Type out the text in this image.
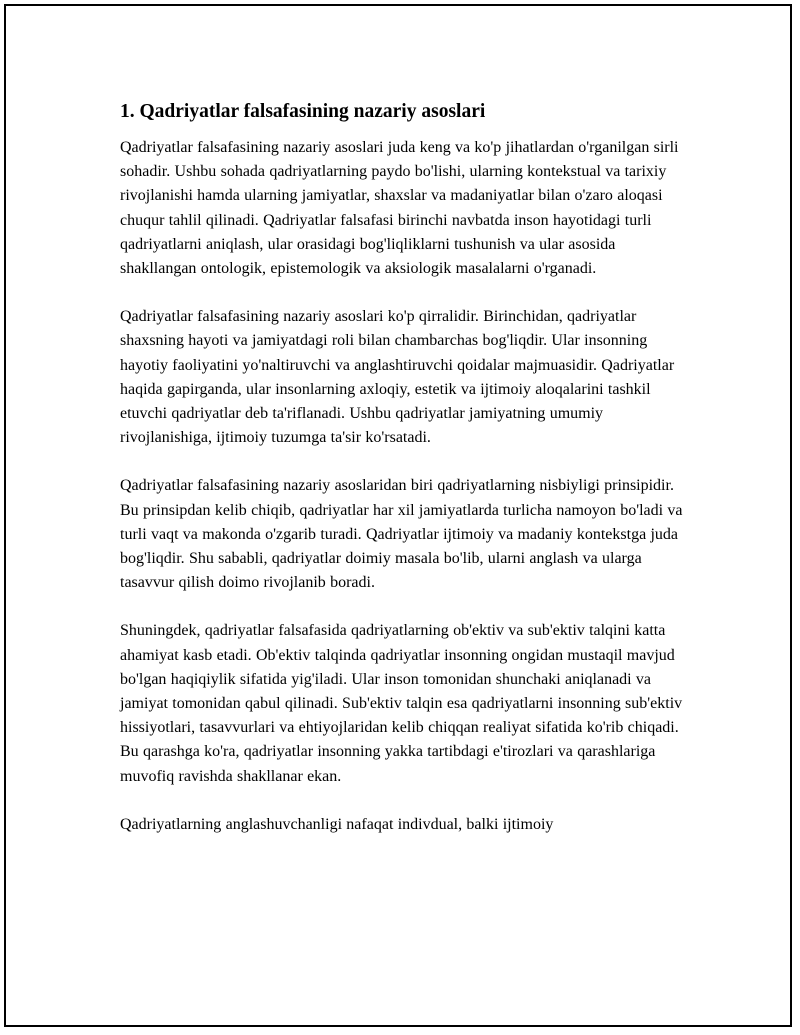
1. Qadriyatlar falsafasining nazariy asoslari

Qadriyatlar falsafasining nazariy asoslari juda keng va ko'p jihatlardan o'rganilgan sirli sohadir. Ushbu sohada qadriyatlarning paydo bo'lishi, ularning kontekstual va tarixiy rivojlanishi hamda ularning jamiyatlar, shaxslar va madaniyatlar bilan o'zaro aloqasi chuqur tahlil qilinadi. Qadriyatlar falsafasi birinchi navbatda inson hayotidagi turli qadriyatlarni aniqlash, ular orasidagi bog'liqliklarni tushunish va ular asosida shakllangan ontologik, epistemologik va aksiologik masalalarni o'rganadi.

Qadriyatlar falsafasining nazariy asoslari ko'p qirralidir. Birinchidan, qadriyatlar shaxsning hayoti va jamiyatdagi roli bilan chambarchas bog'liqdir. Ular insonning hayotiy faoliyatini yo'naltiruvchi va anglashtiruvchi qoidalar majmuasidir. Qadriyatlar haqida gapirganda, ular insonlarning axloqiy, estetik va ijtimoiy aloqalarini tashkil etuvchi qadriyatlar deb ta'riflanadi. Ushbu qadriyatlar jamiyatning umumiy rivojlanishiga, ijtimoiy tuzumga ta'sir ko'rsatadi.

Qadriyatlar falsafasining nazariy asoslaridan biri qadriyatlarning nisbiyligi prinsipidir. Bu prinsipdan kelib chiqib, qadriyatlar har xil jamiyatlarda turlicha namoyon bo'ladi va turli vaqt va makonda o'zgarib turadi. Qadriyatlar ijtimoiy va madaniy kontekstga juda bog'liqdir. Shu sababli, qadriyatlar doimiy masala bo'lib, ularni anglash va ularga tasavvur qilish doimo rivojlanib boradi.

Shuningdek, qadriyatlar falsafasida qadriyatlarning ob'ektiv va sub'ektiv talqini katta ahamiyat kasb etadi. Ob'ektiv talqinda qadriyatlar insonning ongidan mustaqil mavjud bo'lgan haqiqiylik sifatida yig'iladi. Ular inson tomonidan shunchaki aniqlanadi va jamiyat tomonidan qabul qilinadi. Sub'ektiv talqin esa qadriyatlarni insonning sub'ektiv hissiyotlari, tasavvurlari va ehtiyojlaridan kelib chiqqan realiyat sifatida ko'rib chiqadi. Bu qarashga ko'ra, qadriyatlar insonning yakka tartibdagi e'tirozlari va qarashlariga muvofiq ravishda shakllanar ekan.

Qadriyatlarning anglashuvchanligi nafaqat indivdual, balki ijtimoiy
